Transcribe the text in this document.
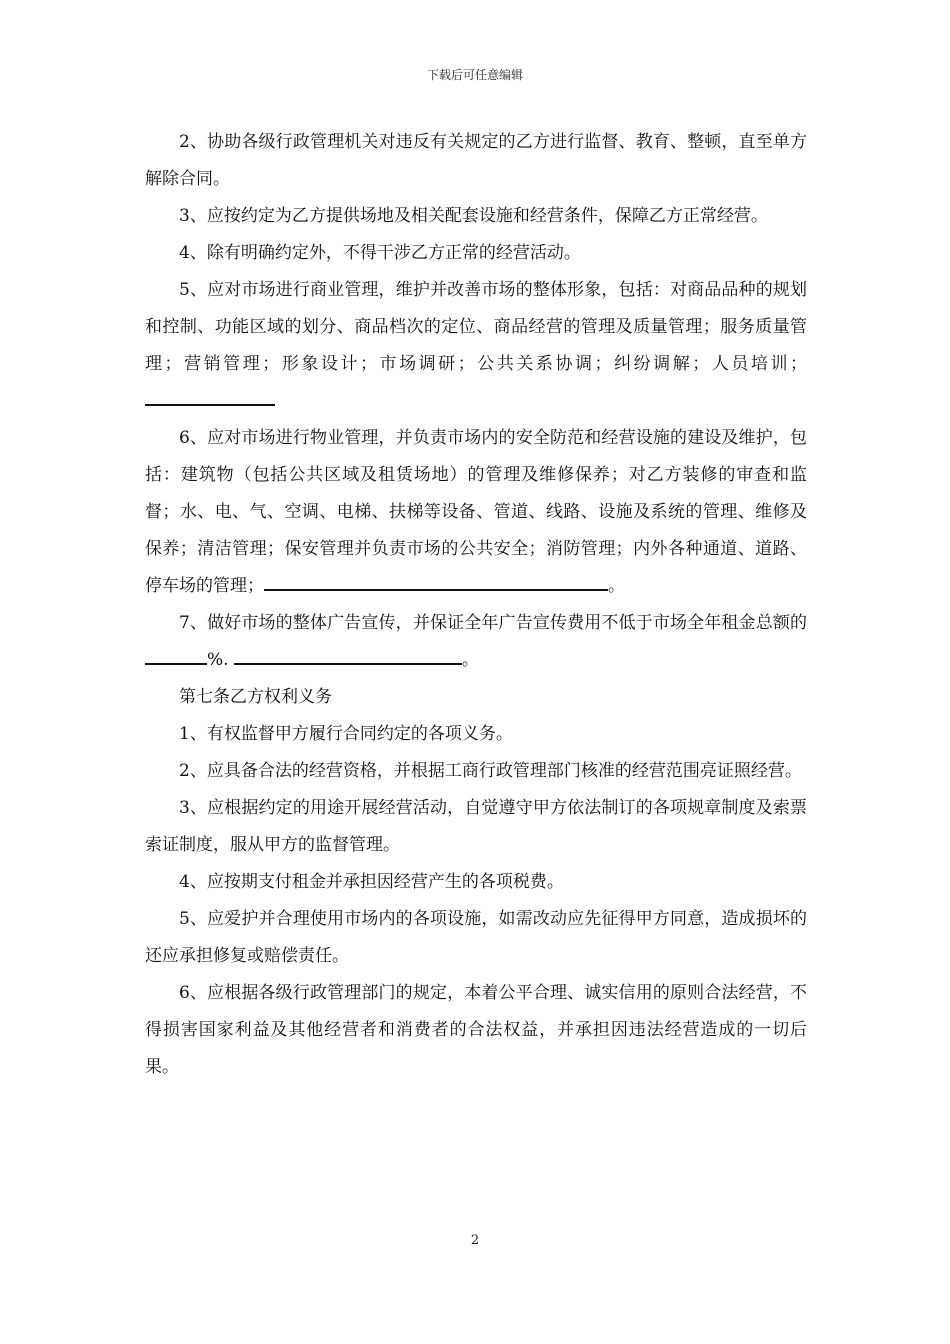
下载后可任意编辑

2、协助各级行政管理机关对违反有关规定的乙方进行监督、教育、整顿，直至单方解除合同。

3、应按约定为乙方提供场地及相关配套设施和经营条件，保障乙方正常经营。

4、除有明确约定外，不得干涉乙方正常的经营活动。

5、应对市场进行商业管理，维护并改善市场的整体形象，包括：对商品品种的规划和控制、功能区域的划分、商品档次的定位、商品经营的管理及质量管理；服务质量管理；营销管理；形象设计；市场调研；公共关系协调；纠纷调解；人员培训；

6、应对市场进行物业管理，并负责市场内的安全防范和经营设施的建设及维护，包括：建筑物（包括公共区域及租赁场地）的管理及维修保养；对乙方装修的审查和监督；水、电、气、空调、电梯、扶梯等设备、管道、线路、设施及系统的管理、维修及保养；清洁管理；保安管理并负责市场的公共安全；消防管理；内外各种通道、道路、停车场的管理；	。

7、做好市场的整体广告宣传，并保证全年广告宣传费用不低于市场全年租金总额的%.	。

第七条乙方权利义务

1、有权监督甲方履行合同约定的各项义务。

2、应具备合法的经营资格，并根据工商行政管理部门核准的经营范围亮证照经营。

3、应根据约定的用途开展经营活动，自觉遵守甲方依法制订的各项规章制度及索票索证制度，服从甲方的监督管理。

4、应按期支付租金并承担因经营产生的各项税费。

5、应爱护并合理使用市场内的各项设施，如需改动应先征得甲方同意，造成损坏的还应承担修复或赔偿责任。

6、应根据各级行政管理部门的规定，本着公平合理、诚实信用的原则合法经营，不得损害国家利益及其他经营者和消费者的合法权益，并承担因违法经营造成的一切后果。

2
